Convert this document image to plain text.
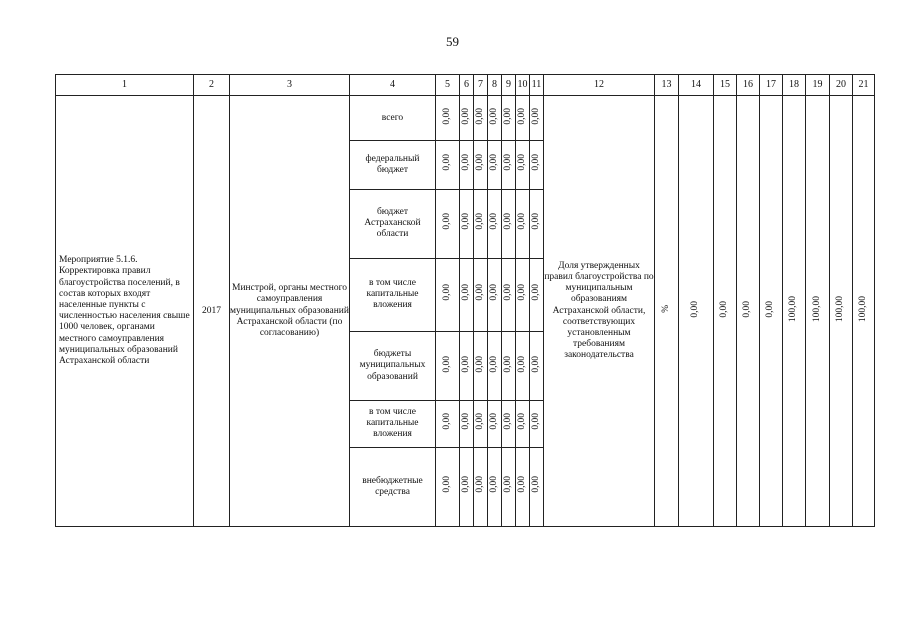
59
1	2	3	4	5	6	7	8	9	10	11	12	13	14	15	16	17	18	19	20	21
Мероприятие 5.1.6. Корректировка правил благоустройства поселений, в состав которых входят населенные пункты с численностью населения свыше 1000 человек, органами местного самоуправления муниципальных образований Астраханской области	2017	Минстрой, органы местного самоуправления муниципальных образований Астраханской области (по согласованию)	всего	0,00	0,00	0,00	0,00	0,00	0,00	0,00	Доля утвержденных правил благоустройства по муниципальным образованиям Астраханской области, соответствующих установленным требованиям законодательства	%	0,00	0,00	0,00	0,00	100,00	100,00	100,00	100,00
			федеральный бюджет	0,00	0,00	0,00	0,00	0,00	0,00	0,00										
			бюджет Астраханской области	0,00	0,00	0,00	0,00	0,00	0,00	0,00										
			в том числе капитальные вложения	0,00	0,00	0,00	0,00	0,00	0,00	0,00										
			бюджеты муниципальных образований	0,00	0,00	0,00	0,00	0,00	0,00	0,00										
			в том числе капитальные вложения	0,00	0,00	0,00	0,00	0,00	0,00	0,00										
			внебюджетные средства	0,00	0,00	0,00	0,00	0,00	0,00	0,00										
